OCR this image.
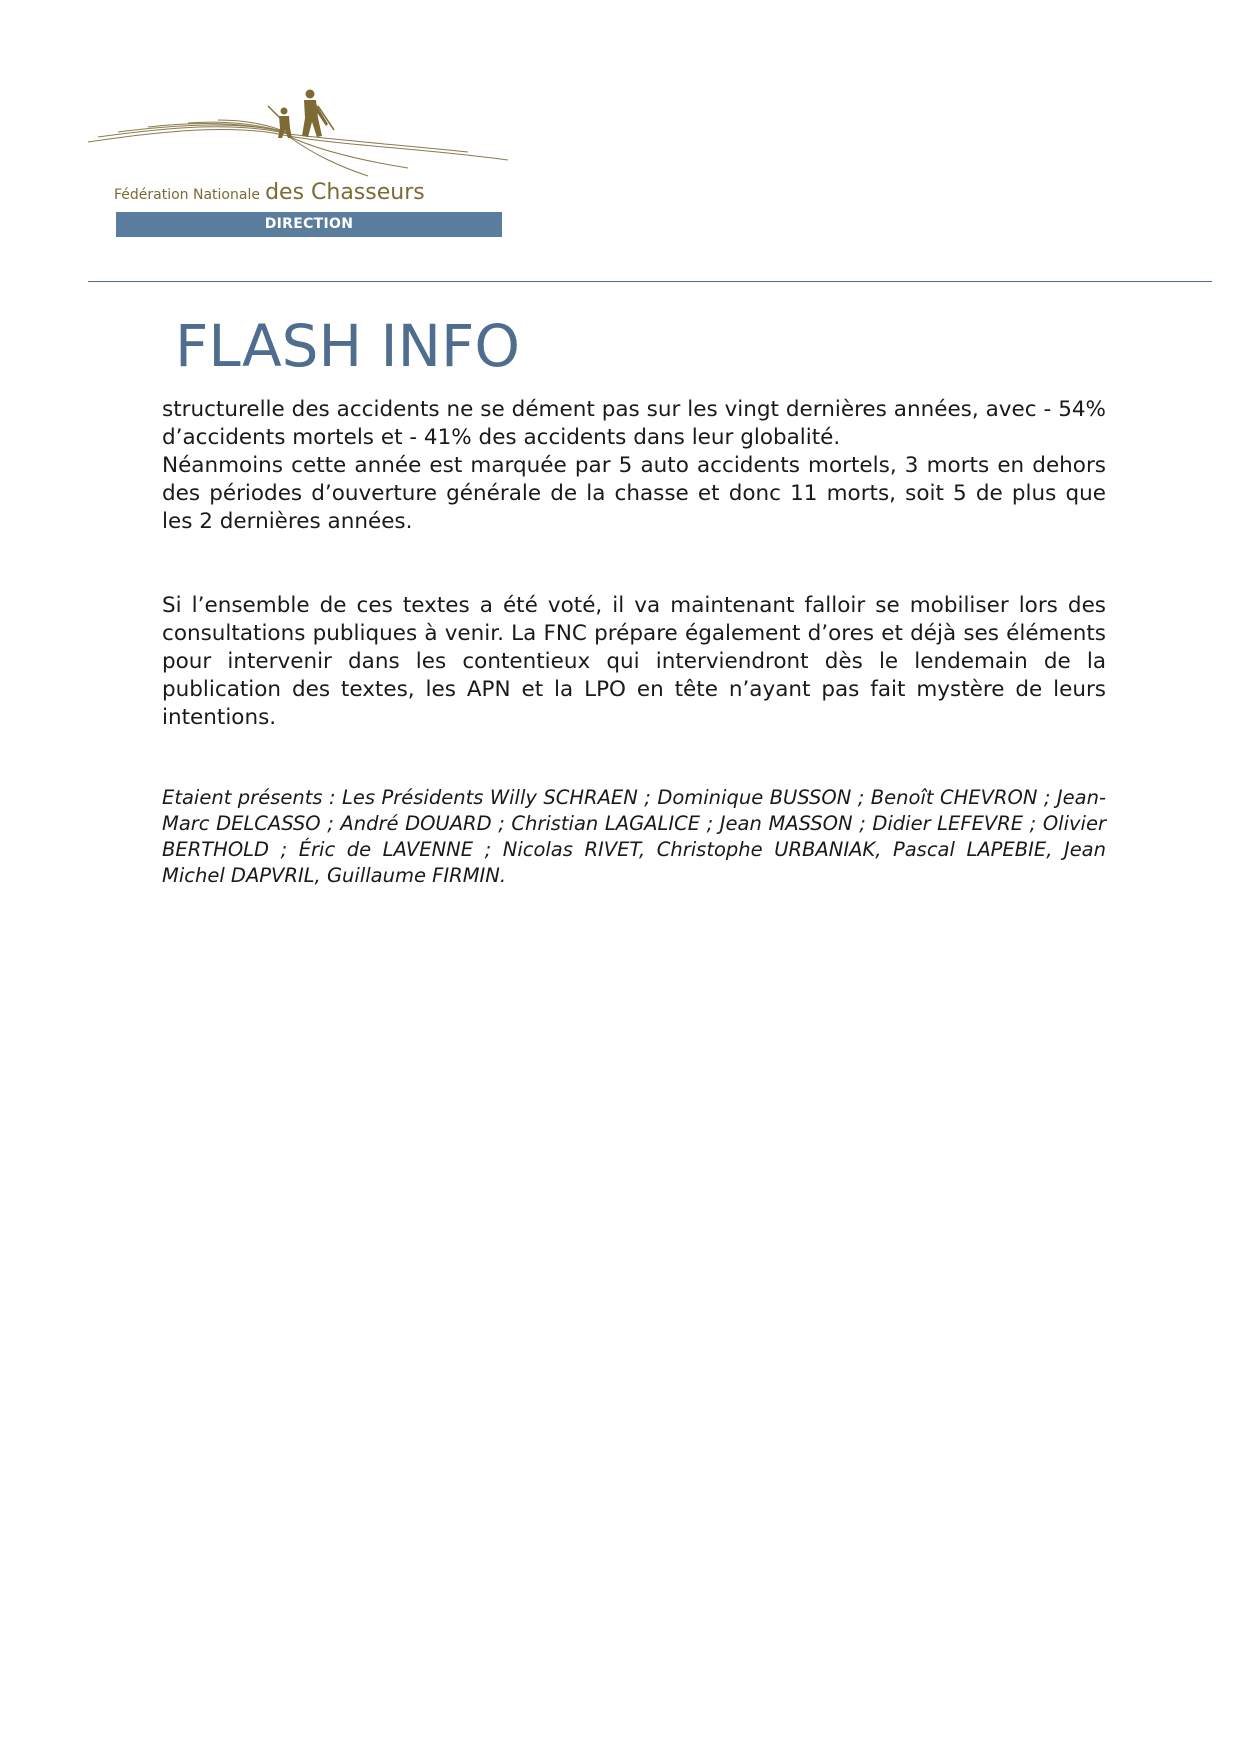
Fédération Nationale des Chasseurs
DIRECTION
FLASH INFO
structurelle des accidents ne se dément pas sur les vingt dernières années, avec - 54% d’accidents mortels et - 41% des accidents dans leur globalité.
Néanmoins cette année est marquée par 5 auto accidents mortels, 3 morts en dehors des périodes d’ouverture générale de la chasse et donc 11 morts, soit 5 de plus que les 2 dernières années.
Si l’ensemble de ces textes a été voté, il va maintenant falloir se mobiliser lors des consultations publiques à venir. La FNC prépare également d’ores et déjà ses éléments pour intervenir dans les contentieux qui interviendront dès le lendemain de la publication des textes, les APN et la LPO en tête n’ayant pas fait mystère de leurs intentions.

Etaient présents : Les Présidents Willy SCHRAEN ; Dominique BUSSON ; Benoît CHEVRON ; Jean-Marc DELCASSO ; André DOUARD ; Christian LAGALICE ; Jean MASSON ; Didier LEFEVRE ; Olivier BERTHOLD ; Éric de LAVENNE ; Nicolas RIVET, Christophe URBANIAK, Pascal LAPEBIE, Jean Michel DAPVRIL, Guillaume FIRMIN.
